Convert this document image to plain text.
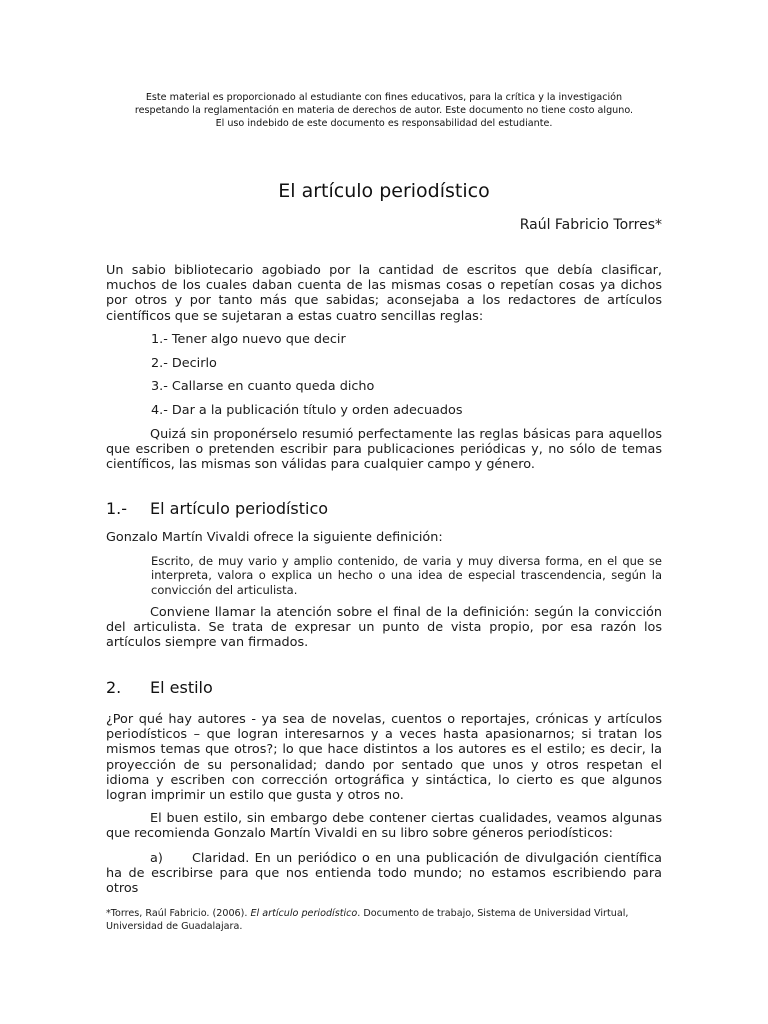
Este material es proporcionado al estudiante con fines educativos, para la crítica y la investigación
respetando la reglamentación en materia de derechos de autor. Este documento no tiene costo alguno.
El uso indebido de este documento es responsabilidad del estudiante.
El artículo periodístico
Raúl Fabricio Torres*
Un sabio bibliotecario agobiado por la cantidad de escritos que debía clasificar, muchos de los cuales daban cuenta de las mismas cosas o repetían cosas ya dichos por otros y por tanto más que sabidas; aconsejaba a los redactores de artículos científicos que se sujetaran a estas cuatro sencillas reglas:
1.- Tener algo nuevo que decir
2.- Decirlo
3.- Callarse en cuanto queda dicho
4.- Dar a la publicación título y orden adecuados
Quizá sin proponérselo resumió perfectamente las reglas básicas para aquellos que escriben o pretenden escribir para publicaciones periódicas y, no sólo de temas científicos, las mismas son válidas para cualquier campo y género.
1.- El artículo periodístico
Gonzalo Martín Vivaldi ofrece la siguiente definición:
Escrito, de muy vario y amplio contenido, de varia y muy diversa forma, en el que se interpreta, valora o explica un hecho o una idea de especial trascendencia, según la convicción del articulista.
Conviene llamar la atención sobre el final de la definición: según la convicción del articulista. Se trata de expresar un punto de vista propio, por esa razón los artículos siempre van firmados.
2. El estilo
¿Por qué hay autores - ya sea de novelas, cuentos o reportajes, crónicas y artículos periodísticos – que logran interesarnos y a veces hasta apasionarnos; si tratan los mismos temas que otros?; lo que hace distintos a los autores es el estilo; es decir, la proyección de su personalidad; dando por sentado que unos y otros respetan el idioma y escriben con corrección ortográfica y sintáctica, lo cierto es que algunos logran imprimir un estilo que gusta y otros no.
El buen estilo, sin embargo debe contener ciertas cualidades, veamos algunas que recomienda Gonzalo Martín Vivaldi en su libro sobre géneros periodísticos:
a) Claridad. En un periódico o en una publicación de divulgación científica ha de escribirse para que nos entienda todo mundo; no estamos escribiendo para otros
*Torres, Raúl Fabricio. (2006). El artículo periodístico. Documento de trabajo, Sistema de Universidad Virtual, Universidad de Guadalajara.
